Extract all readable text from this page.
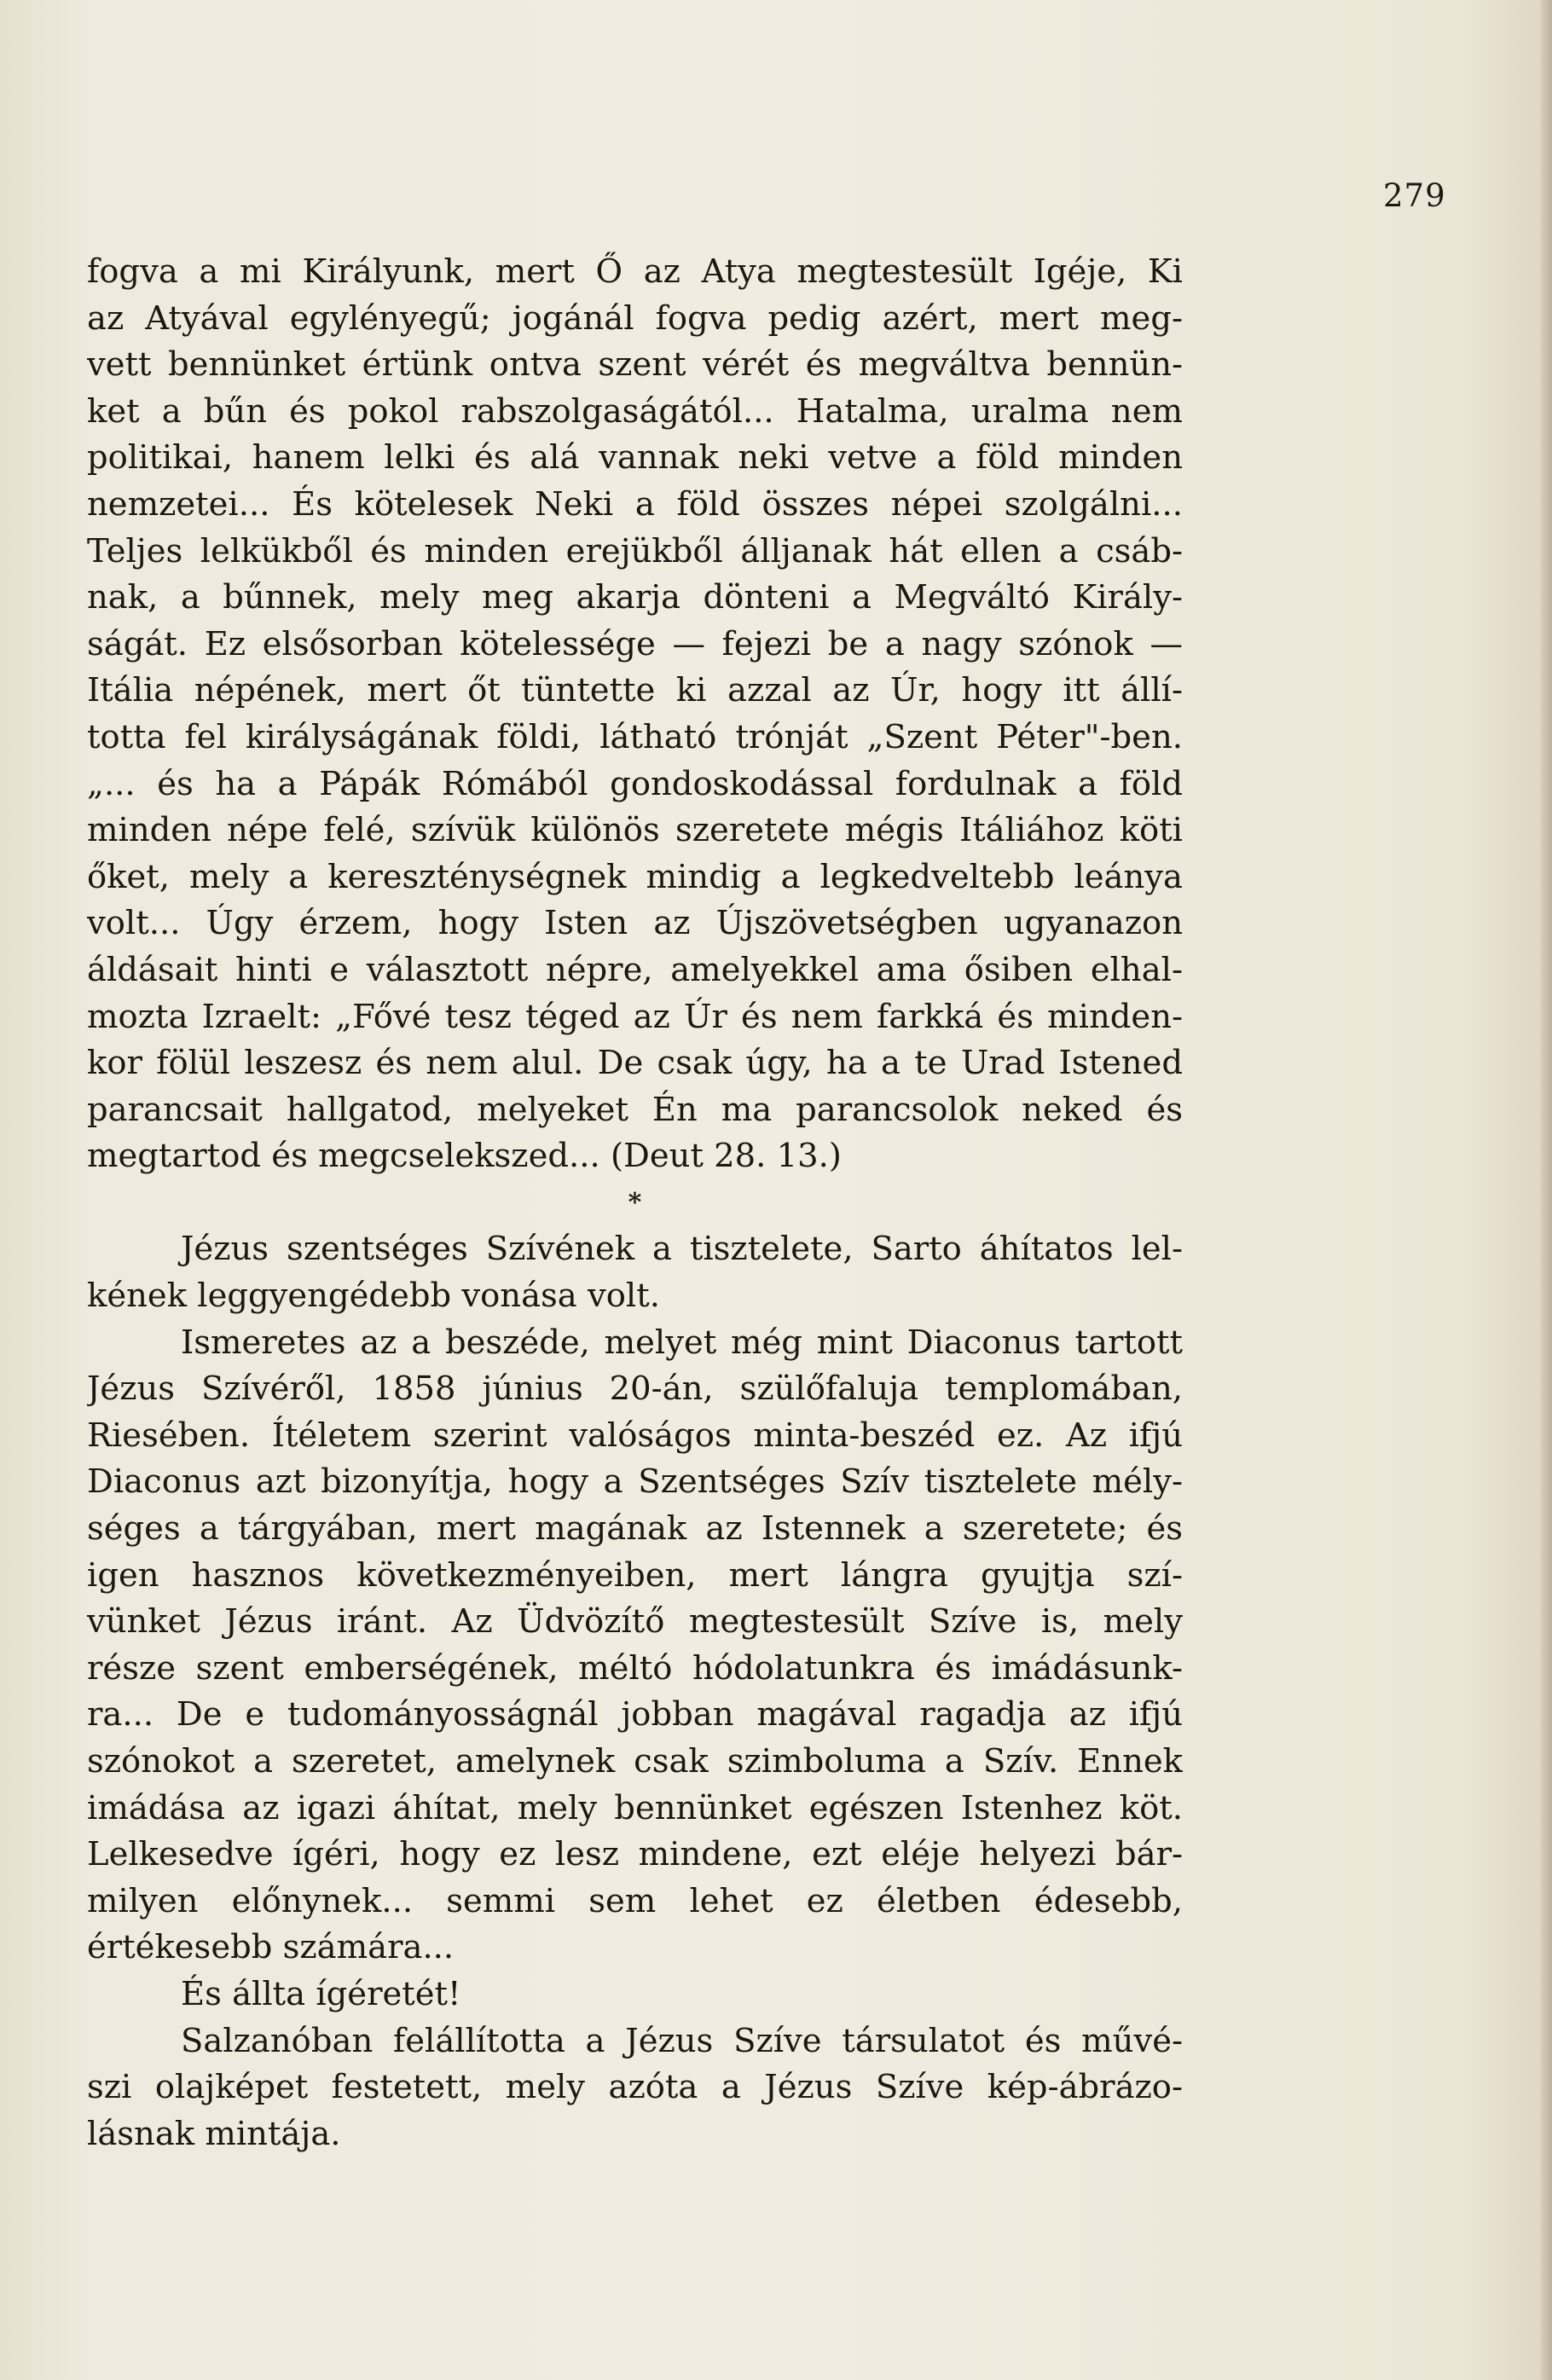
279
fogva a mi Királyunk, mert Ő az Atya megtestesült Igéje, Ki
az Atyával egylényegű; jogánál fogva pedig azért, mert meg-
vett bennünket értünk ontva szent vérét és megváltva bennün-
ket a bűn és pokol rabszolgaságától... Hatalma, uralma nem
politikai, hanem lelki és alá vannak neki vetve a föld minden
nemzetei... És kötelesek Neki a föld összes népei szolgálni...
Teljes lelkükből és minden erejükből álljanak hát ellen a csáb-
nak, a bűnnek, mely meg akarja dönteni a Megváltó Király-
ságát. Ez elsősorban kötelessége — fejezi be a nagy szónok —
Itália népének, mert őt tüntette ki azzal az Úr, hogy itt állí-
totta fel királyságának földi, látható trónját „Szent Péter"-ben.
„... és ha a Pápák Rómából gondoskodással fordulnak a föld
minden népe felé, szívük különös szeretete mégis Itáliához köti
őket, mely a kereszténységnek mindig a legkedveltebb leánya
volt... Úgy érzem, hogy Isten az Újszövetségben ugyanazon
áldásait hinti e választott népre, amelyekkel ama ősiben elhal-
mozta Izraelt: „Fővé tesz téged az Úr és nem farkká és minden-
kor fölül leszesz és nem alul. De csak úgy, ha a te Urad Istened
parancsait hallgatod, melyeket Én ma parancsolok neked és
megtartod és megcselekszed... (Deut 28. 13.)
*
Jézus szentséges Szívének a tisztelete, Sarto áhítatos lel-
kének leggyengédebb vonása volt.
Ismeretes az a beszéde, melyet még mint Diaconus tartott
Jézus Szívéről, 1858 június 20-án, szülőfaluja templomában,
Riesében. Ítéletem szerint valóságos minta-beszéd ez. Az ifjú
Diaconus azt bizonyítja, hogy a Szentséges Szív tisztelete mély-
séges a tárgyában, mert magának az Istennek a szeretete; és
igen hasznos következményeiben, mert lángra gyujtja szí-
vünket Jézus iránt. Az Üdvözítő megtestesült Szíve is, mely
része szent emberségének, méltó hódolatunkra és imádásunk-
ra... De e tudományosságnál jobban magával ragadja az ifjú
szónokot a szeretet, amelynek csak szimboluma a Szív. Ennek
imádása az igazi áhítat, mely bennünket egészen Istenhez köt.
Lelkesedve ígéri, hogy ez lesz mindene, ezt eléje helyezi bár-
milyen előnynek... semmi sem lehet ez életben édesebb,
értékesebb számára...
És állta ígéretét!
Salzanóban felállította a Jézus Szíve társulatot és művé-
szi olajképet festetett, mely azóta a Jézus Szíve kép-ábrázo-
lásnak mintája.
